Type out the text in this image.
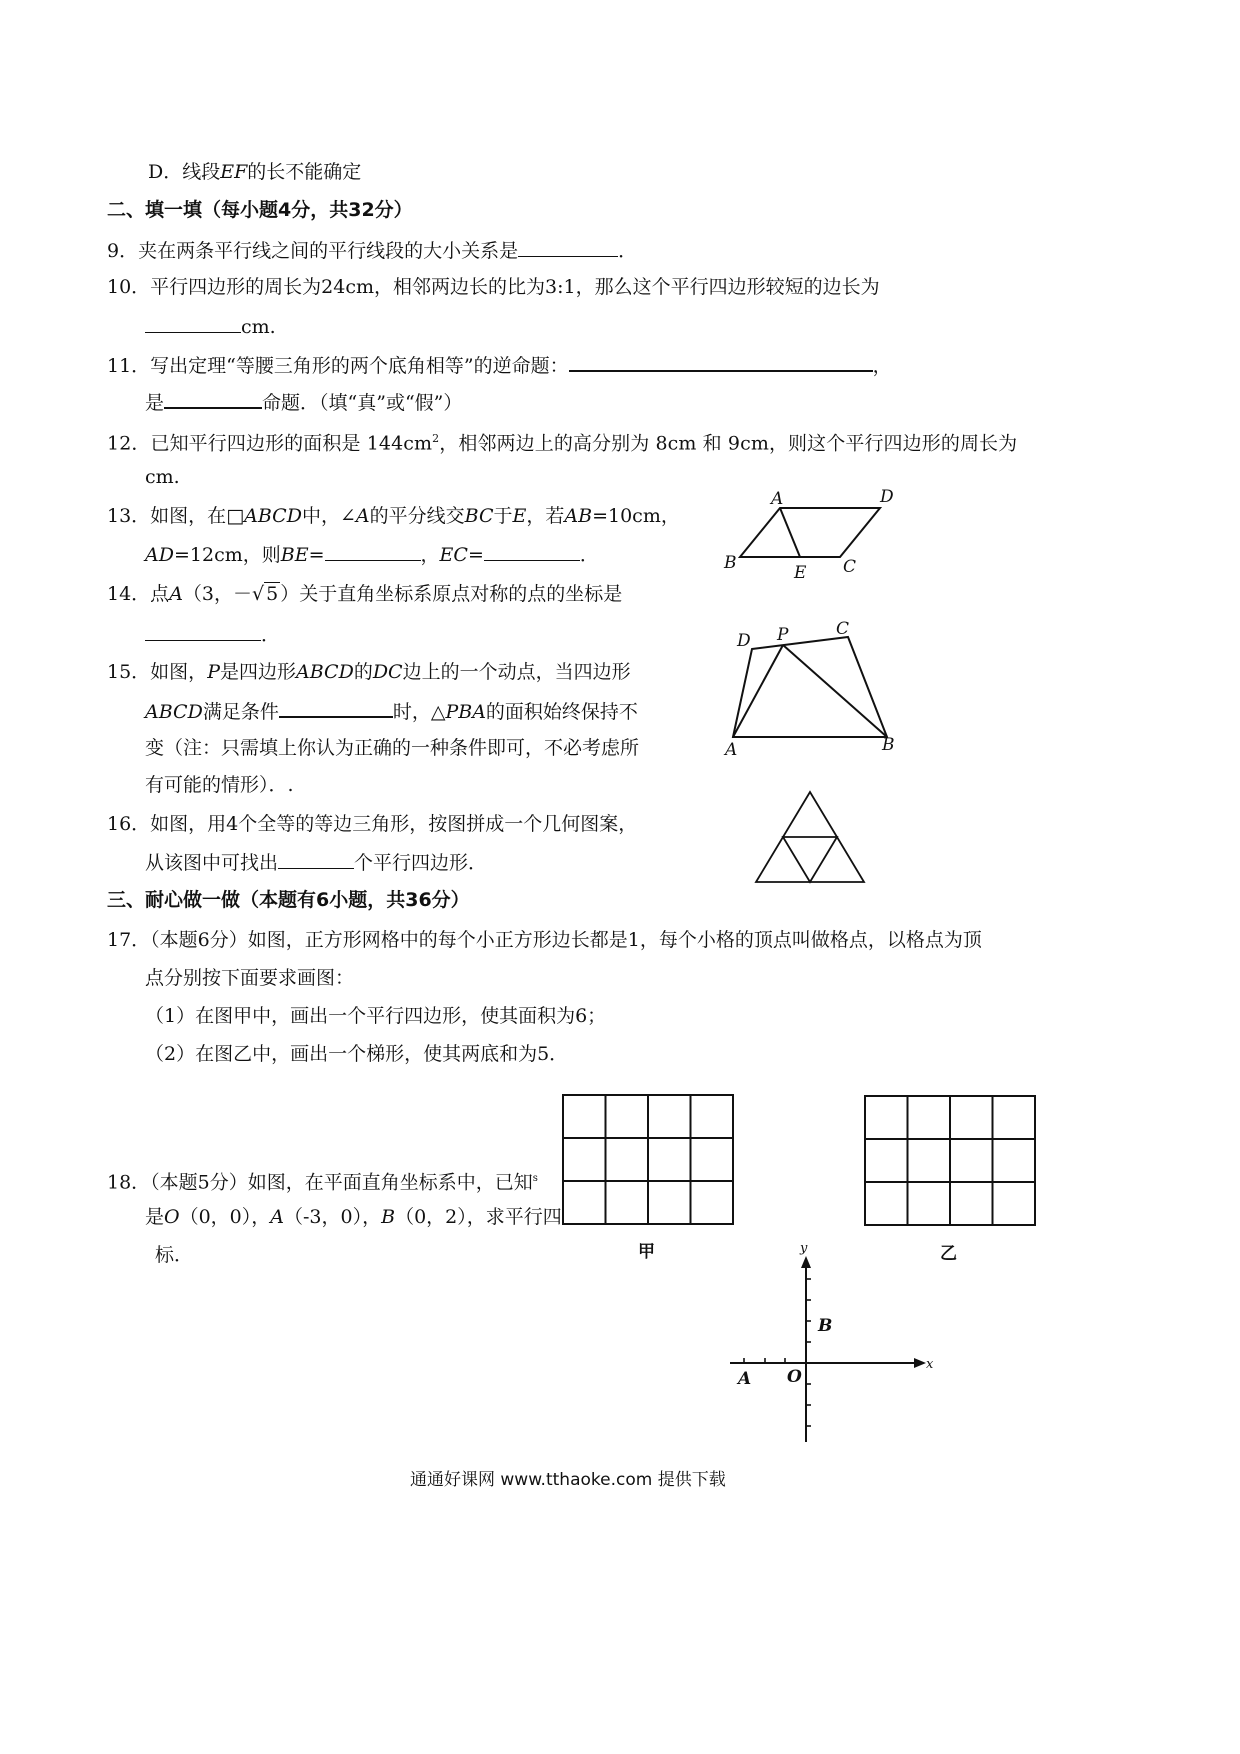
D．线段EF的长不能确定
二、填一填（每小题4分，共32分）
9．夹在两条平行线之间的平行线段的大小关系是	．
10．平行四边形的周长为24cm，相邻两边长的比为3:1，那么这个平行四边形较短的边长为
cm.
11．写出定理“等腰三角形的两个底角相等”的逆命题：	，
是	命题．（填“真”或“假”）
12．已知平行四边形的面积是 $144cm^2$，相邻两边上的高分别为 8cm 和 9cm，则这个平行四边形的周长为
cm.
13．如图，在□ABCD中，∠A的平分线交BC于E，若AB=10cm，
AD=12cm，则BE=	，EC=	．
A	D
B	E C
14．点A（3，－√ 5 ）关于直角坐标系原点对称的点的坐标是
．	D P	C
A	B
15．如图，P是四边形ABCD的DC边上的一个动点，当四边形
ABCD满足条件	时，△PBA的面积始终保持不
变（注：只需填上你认为正确的一种条件即可，不必考虑所
有可能的情形）．.
16．如图，用4个全等的等边三角形，按图拼成一个几何图案，
从该图中可找出	个平行四边形．
三、耐心做一做（本题有6小题，共36分）
17．（本题6分）如图，正方形网格中的每个小正方形边长都是1，每个小格的顶点叫做格点，以格点为顶
点分别按下面要求画图：
（1）在图甲中，画出一个平行四边形，使其面积为6；
（2）在图乙中，画出一个梯形，使其两底和为5．
甲	乙
18．（本题5分）如图，在平面直角坐标系中，已知$^s$
是O（0，0），A（-3，0），B（0，2），求平行四
标．
x
y
A O
B
通通好课网 www.tthaoke.com 提供下载
